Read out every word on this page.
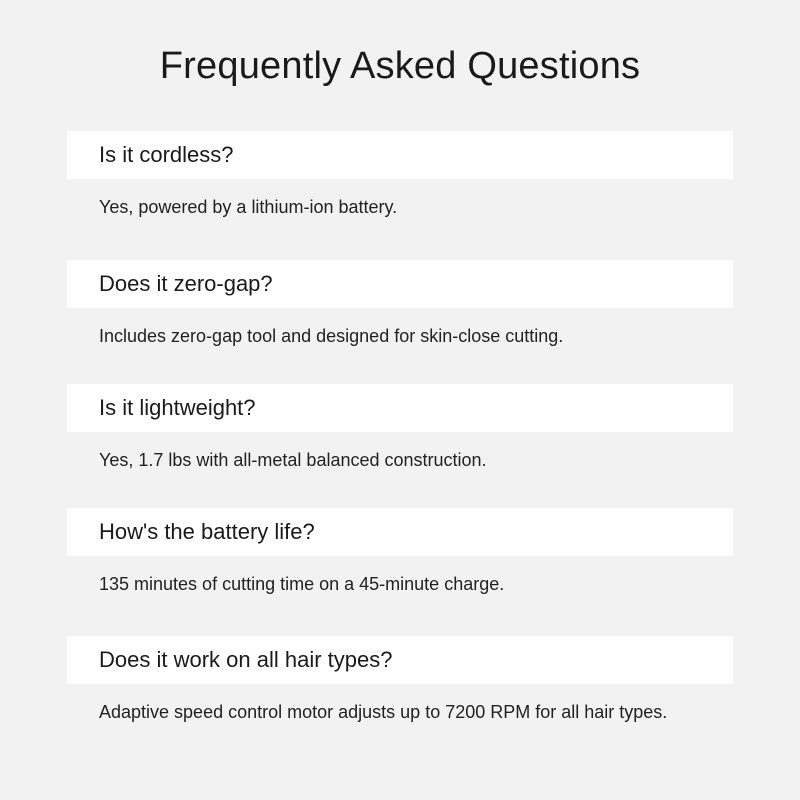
Frequently Asked Questions
Is it cordless?
Yes, powered by a lithium-ion battery.
Does it zero-gap?
Includes zero-gap tool and designed for skin-close cutting.
Is it lightweight?
Yes, 1.7 lbs with all-metal balanced construction.
How's the battery life?
135 minutes of cutting time on a 45-minute charge.
Does it work on all hair types?
Adaptive speed control motor adjusts up to 7200 RPM for all hair types.
